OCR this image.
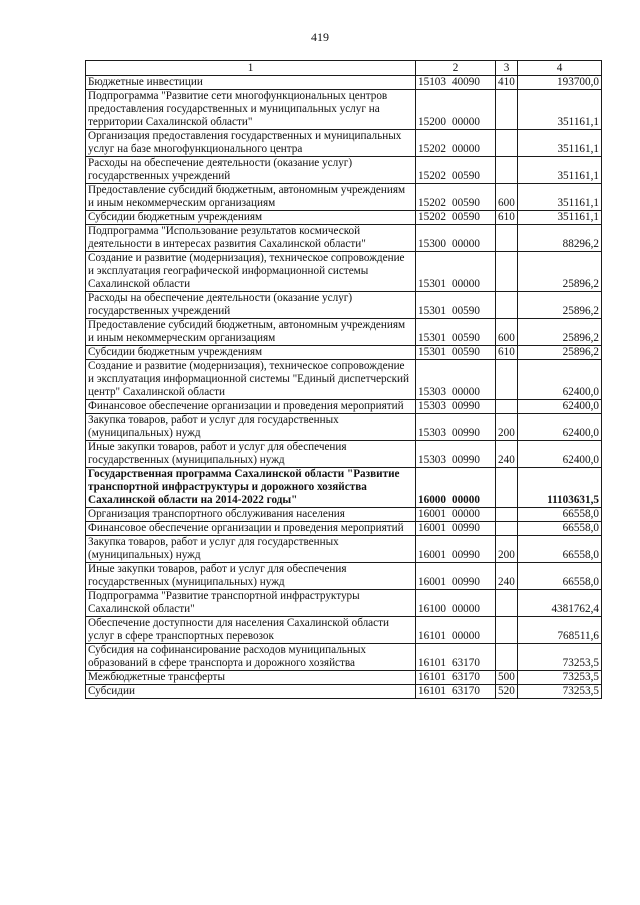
419
1	2	3	4
Бюджетные инвестиции	15103 40090	410	193700,0
Подпрограмма "Развитие сети многофункциональных центров предоставления государственных и муниципальных услуг на территории Сахалинской области"	15200 00000		351161,1
Организация предоставления государственных и муниципальных услуг на базе многофункционального центра	15202 00000		351161,1
Расходы на обеспечение деятельности (оказание услуг) государственных учреждений	15202 00590		351161,1
Предоставление субсидий бюджетным, автономным учреждениям и иным некоммерческим организациям	15202 00590	600	351161,1
Субсидии бюджетным учреждениям	15202 00590	610	351161,1
Подпрограмма "Использование результатов космической деятельности в интересах развития Сахалинской области"	15300 00000		88296,2
Создание и развитие (модернизация), техническое сопровождение и эксплуатация географической информационной системы Сахалинской области	15301 00000		25896,2
Расходы на обеспечение деятельности (оказание услуг) государственных учреждений	15301 00590		25896,2
Предоставление субсидий бюджетным, автономным учреждениям и иным некоммерческим организациям	15301 00590	600	25896,2
Субсидии бюджетным учреждениям	15301 00590	610	25896,2
Создание и развитие (модернизация), техническое сопровождение и эксплуатация информационной системы "Единый диспетчерский центр" Сахалинской области	15303 00000		62400,0
Финансовое обеспечение организации и проведения мероприятий	15303 00990		62400,0
Закупка товаров, работ и услуг для государственных (муниципальных) нужд	15303 00990	200	62400,0
Иные закупки товаров, работ и услуг для обеспечения государственных (муниципальных) нужд	15303 00990	240	62400,0
Государственная программа Сахалинской области "Развитие транспортной инфраструктуры и дорожного хозяйства Сахалинской области на 2014-2022 годы"	16000 00000		11103631,5
Организация транспортного обслуживания населения	16001 00000		66558,0
Финансовое обеспечение организации и проведения мероприятий	16001 00990		66558,0
Закупка товаров, работ и услуг для государственных (муниципальных) нужд	16001 00990	200	66558,0
Иные закупки товаров, работ и услуг для обеспечения государственных (муниципальных) нужд	16001 00990	240	66558,0
Подпрограмма "Развитие транспортной инфраструктуры Сахалинской области"	16100 00000		4381762,4
Обеспечение доступности для населения Сахалинской области услуг в сфере транспортных перевозок	16101 00000		768511,6
Субсидия на софинансирование расходов муниципальных образований в сфере транспорта и дорожного хозяйства	16101 63170		73253,5
Межбюджетные трансферты	16101 63170	500	73253,5
Субсидии	16101 63170	520	73253,5
